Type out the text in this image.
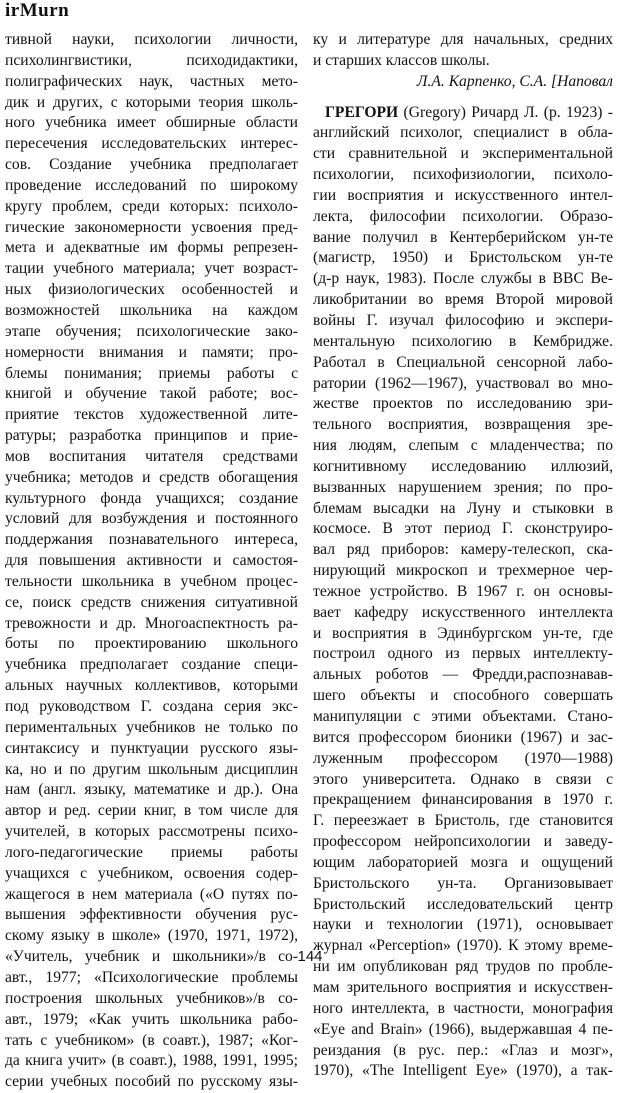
irMurn
тивной науки, психологии личности,
психолингвистики, психодидактики,
полиграфических наук, частных мето-
дик и других, с которыми теория школь-
ного учебника имеет обширные области
пересечения исследовательских интерес-
сов. Создание учебника предполагает
проведение исследований по широкому
кругу проблем, среди которых: психоло-
гические закономерности усвоения пред-
мета и адекватные им формы репрезен-
тации учебного материала; учет возраст-
ных физиологических особенностей и
возможностей школьника на каждом
этапе обучения; психологические зако-
номерности внимания и памяти; про-
блемы понимания; приемы работы с
книгой и обучение такой работе; вос-
приятие текстов художественной лите-
ратуры; разработка принципов и прие-
мов воспитания читателя средствами
учебника; методов и средств обогащения
культурного фонда учащихся; создание
условий для возбуждения и постоянного
поддержания познавательного интереса,
для повышения активности и самостоя-
тельности школьника в учебном процес-
се, поиск средств снижения ситуативной
тревожности и др. Многоаспектность ра-
боты по проектированию школьного
учебника предполагает создание специ-
альных научных коллективов, которыми
под руководством Г. создана серия экс-
периментальных учебников не только по
синтаксису и пунктуации русского язы-
ка, но и по другим школьным дисциплин
нам (англ. языку, математике и др.). Она
автор и ред. серии книг, в том числе для
учителей, в которых рассмотрены психо-
лого-педагогические приемы работы
учащихся с учебником, освоения содер-
жащегося в нем материала («О путях по-
вышения эффективности обучения рус-
скому языку в школе» (1970, 1971, 1972),
«Учитель, учебник и школьники»/в со-
авт., 1977; «Психологические проблемы
построения школьных учебников»/в со-
авт., 1979; «Как учить школьника рабо-
тать с учебником» (в соавт.), 1987; «Ког-
да книга учит» (в соавт.), 1988, 1991, 1995;
серии учебных пособий по русскому язы-
ку и литературе для начальных, средних
и старших классов школы.
Л.А. Карпенко, С.А. [Наповал
ГРЕГОРИ (Gregory) Ричард Л. (р. 1923) -
английский психолог, специалист в обла-
сти сравнительной и экспериментальной
психологии, психофизиологии, психоло-
гии восприятия и искусственного интел-
лекта, философии психологии. Образо-
вание получил в Кентерберийском ун-те
(магистр, 1950) и Бристольском ун-те
(д-р наук, 1983). После службы в ВВС Ве-
ликобритании во время Второй мировой
войны Г. изучал философию и экспери-
ментальную психологию в Кембридже.
Работал в Специальной сенсорной лабо-
ратории (1962—1967), участвовал во мно-
жестве проектов по исследованию зри-
тельного восприятия, возвращения зре-
ния людям, слепым с младенчества; по
когнитивному исследованию иллюзий,
вызванных нарушением зрения; по про-
блемам высадки на Луну и стыковки в
космосе. В этот период Г. сконструиро-
вал ряд приборов: камеру-телескоп, ска-
нирующий микроскоп и трехмерное чер-
тежное устройство. В 1967 г. он основы-
вает кафедру искусственного интеллекта
и восприятия в Эдинбургском ун-те, где
построил одного из первых интеллекту-
альных роботов — Фредди,распознавав-
шего объекты и способного совершать
манипуляции с этими объектами. Стано-
вится профессором бионики (1967) и зас-
луженным профессором (1970—1988)
этого университета. Однако в связи с
прекращением финансирования в 1970 г.
Г. переезжает в Бристоль, где становится
профессором нейропсихологии и заведу-
ющим лабораторией мозга и ощущений
Бристольского ун-та. Организовывает
Бристольский исследовательский центр
науки и технологии (1971), основывает
журнал «Perception» (1970). К этому време-
ни им опубликован ряд трудов по пробле-
мам зрительного восприятия и искусствен-
ного интеллекта, в частности, монография
«Eye and Brain» (1966), выдержавшая 4 пе-
реиздания (в рус. пер.: «Глаз и мозг»,
1970), «The Intelligent Eye» (1970), а так-
144
